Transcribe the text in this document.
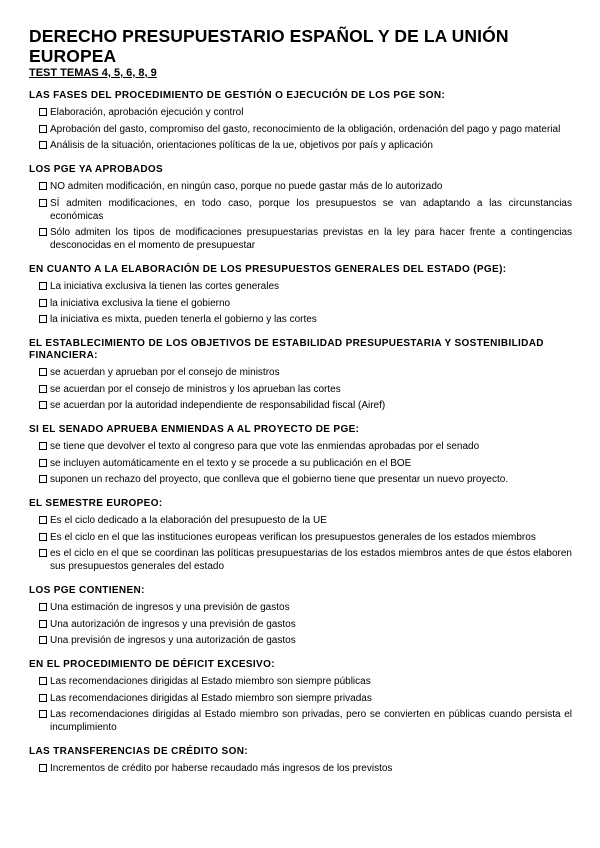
DERECHO PRESUPUESTARIO ESPAÑOL Y DE LA UNIÓN EUROPEA
TEST TEMAS 4, 5, 6, 8, 9
LAS FASES DEL PROCEDIMIENTO DE GESTIÓN O EJECUCIÓN DE LOS PGE SON:
Elaboración, aprobación ejecución y control
Aprobación del gasto, compromiso del gasto, reconocimiento de la obligación, ordenación del pago y pago material
Análisis de la situación, orientaciones políticas de la ue, objetivos por país y aplicación
LOS PGE YA APROBADOS
NO admiten modificación, en ningún caso, porque no puede gastar más de lo autorizado
SÍ admiten modificaciones, en todo caso, porque los presupuestos se van adaptando a las circunstancias económicas
Sólo admiten los tipos de modificaciones presupuestarias previstas en la ley para hacer frente a contingencias desconocidas en el momento de presupuestar
EN CUANTO A LA ELABORACIÓN DE LOS PRESUPUESTOS GENERALES DEL ESTADO (PGE):
La iniciativa exclusiva la tienen las cortes generales
la iniciativa exclusiva la tiene el gobierno
la iniciativa es mixta, pueden tenerla el gobierno y las cortes
EL ESTABLECIMIENTO DE LOS OBJETIVOS DE ESTABILIDAD PRESUPUESTARIA Y SOSTENIBILIDAD FINANCIERA:
se acuerdan y aprueban por el consejo de ministros
se acuerdan por el consejo de ministros y los aprueban las cortes
se acuerdan por la autoridad independiente de responsabilidad fiscal (Airef)
SI EL SENADO APRUEBA ENMIENDAS A AL PROYECTO DE PGE:
se tiene que devolver el texto al congreso para que vote las enmiendas aprobadas por el senado
se incluyen automáticamente en el texto y se procede a su publicación en el BOE
suponen un rechazo del proyecto, que conlleva que el gobierno tiene que presentar un nuevo proyecto.
EL SEMESTRE EUROPEO:
Es el ciclo dedicado a la elaboración del presupuesto de la UE
Es el ciclo en el que las instituciones europeas verifican los presupuestos generales de los estados miembros
es el ciclo en el que se coordinan las políticas presupuestarias de los estados miembros antes de que éstos elaboren sus presupuestos generales del estado
LOS PGE CONTIENEN:
Una estimación de ingresos y una previsión de gastos
Una autorización de ingresos y una previsión de gastos
Una previsión de ingresos y una autorización de gastos
EN EL PROCEDIMIENTO DE DÉFICIT EXCESIVO:
Las recomendaciones dirigidas al Estado miembro son siempre públicas
Las recomendaciones dirigidas al Estado miembro son siempre privadas
Las recomendaciones dirigidas al Estado miembro son privadas, pero se convierten en públicas cuando persista el incumplimiento
LAS TRANSFERENCIAS DE CRÉDITO SON:
Incrementos de crédito por haberse recaudado más ingresos de los previstos
